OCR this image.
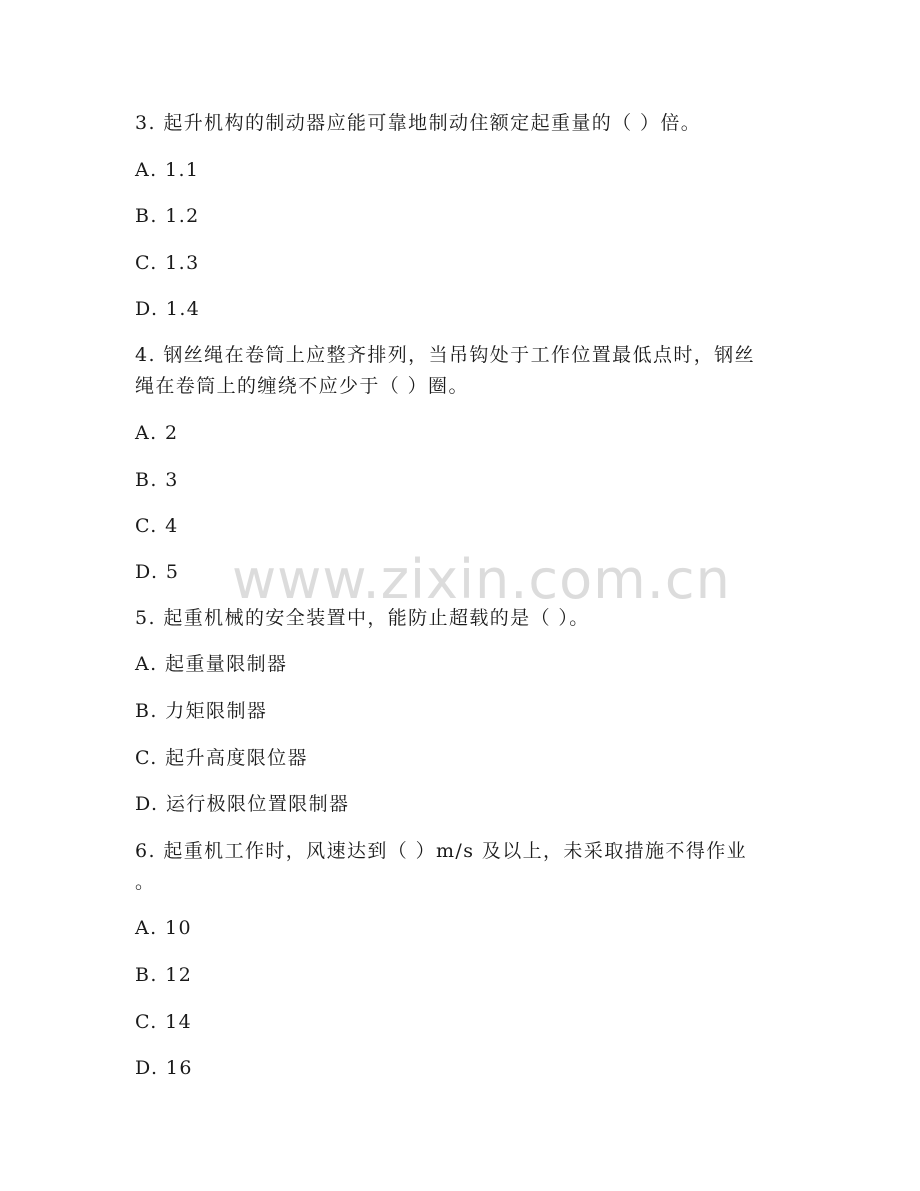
3. 起升机构的制动器应能可靠地制动住额定起重量的（ ）倍。
A. 1.1
B. 1.2
C. 1.3
D. 1.4
4. 钢丝绳在卷筒上应整齐排列，当吊钩处于工作位置最低点时，钢丝
绳在卷筒上的缠绕不应少于（ ）圈。
A. 2
B. 3
C. 4
D. 5
5. 起重机械的安全装置中，能防止超载的是（ ）。
A. 起重量限制器
B. 力矩限制器
C. 起升高度限位器
D. 运行极限位置限制器
6. 起重机工作时，风速达到（ ）m/s 及以上，未采取措施不得作业
。
A. 10
B. 12
C. 14
D. 16
www.zixin.com.cn
